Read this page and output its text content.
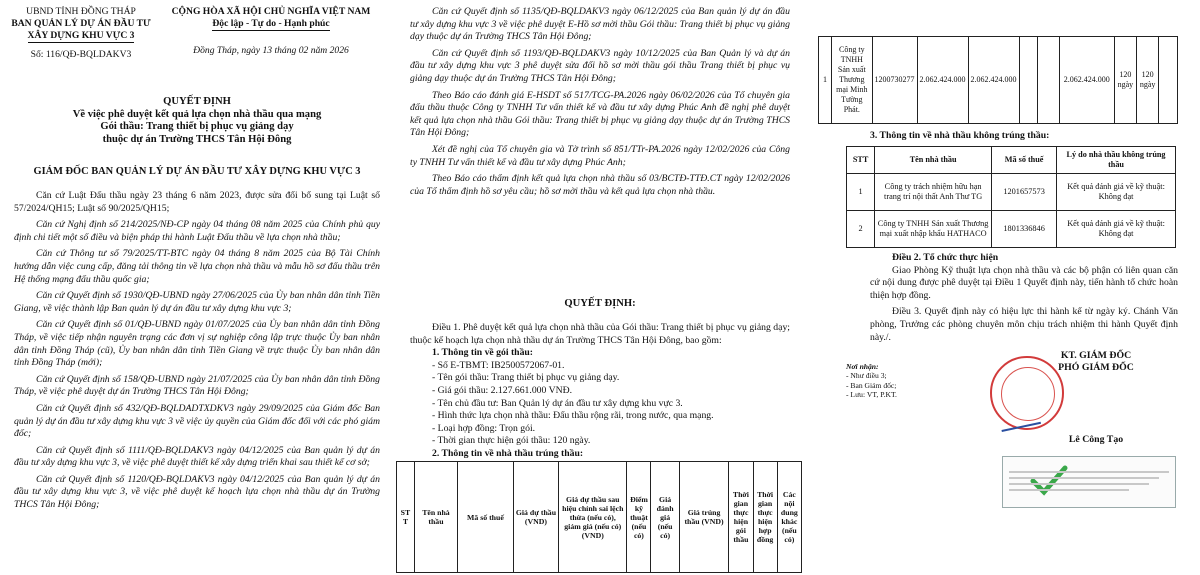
UBND TỈNH ĐỒNG THÁP
BAN QUẢN LÝ DỰ ÁN ĐẦU TƯ
XÂY DỰNG KHU VỰC 3
Số: 116/QĐ-BQLDAKV3
CỘNG HÒA XÃ HỘI CHỦ NGHĨA VIỆT NAM
Độc lập - Tự do - Hạnh phúc
Đồng Tháp, ngày 13 tháng 02 năm 2026
QUYẾT ĐỊNH
Về việc phê duyệt kết quả lựa chọn nhà thầu qua mạng
Gói thầu: Trang thiết bị phục vụ giảng dạy
thuộc dự án Trường THCS Tân Hội Đông
GIÁM ĐỐC BAN QUẢN LÝ DỰ ÁN ĐẦU TƯ XÂY DỰNG KHU VỰC 3

Căn cứ Luật Đấu thầu ngày 23 tháng 6 năm 2023, được sửa đổi bổ sung tại Luật số 57/2024/QH15; Luật số 90/2025/QH15;

Căn cứ Nghị định số 214/2025/NĐ-CP ngày 04 tháng 08 năm 2025 của Chính phủ quy định chi tiết một số điều và biện pháp thi hành Luật Đấu thầu về lựa chọn nhà thầu;

Căn cứ Thông tư số 79/2025/TT-BTC ngày 04 tháng 8 năm 2025 của Bộ Tài Chính hướng dẫn việc cung cấp, đăng tải thông tin về lựa chọn nhà thầu và mẫu hồ sơ đấu thầu trên Hệ thống mạng đấu thầu quốc gia;

Căn cứ Quyết định số 1930/QĐ-UBND ngày 27/06/2025 của Ủy ban nhân dân tỉnh Tiền Giang, về việc thành lập Ban quản lý dự án đầu tư xây dựng khu vực 3;

Căn cứ Quyết định số 01/QĐ-UBND ngày 01/07/2025 của Ủy ban nhân dân tỉnh Đồng Tháp, về việc tiếp nhận nguyên trạng các đơn vị sự nghiệp công lập trực thuộc Ủy ban nhân dân tỉnh Đồng Tháp (cũ), Ủy ban nhân dân tỉnh Tiền Giang về trực thuộc Ủy ban nhân dân tỉnh Đồng Tháp (mới);

Căn cứ Quyết định số 158/QĐ-UBND ngày 21/07/2025 của Ủy ban nhân dân tỉnh Đồng Tháp, về việc phê duyệt dự án Trường THCS Tân Hội Đông;

Căn cứ Quyết định số 432/QĐ-BQLDADTXDKV3 ngày 29/09/2025 của Giám đốc Ban quản lý dự án đầu tư xây dựng khu vực 3 về việc ủy quyền của Giám đốc đối với các phó giám đốc;

Căn cứ Quyết định số 1111/QĐ-BQLDAKV3 ngày 04/12/2025 của Ban quản lý dự án đầu tư xây dựng khu vực 3, về việc phê duyệt thiết kế xây dựng triển khai sau thiết kế cơ sở;

Căn cứ Quyết định số 1120/QĐ-BQLDAKV3 ngày 04/12/2025 của Ban quản lý dự án đầu tư xây dựng khu vực 3, về việc phê duyệt kế hoạch lựa chọn nhà thầu dự án Trường THCS Tân Hội Đông;

Căn cứ Quyết định số 1135/QĐ-BQLDAKV3 ngày 06/12/2025 của Ban quản lý dự án đầu tư xây dựng khu vực 3 về việc phê duyệt E-Hồ sơ mời thầu Gói thầu: Trang thiết bị phục vụ giảng dạy thuộc dự án Trường THCS Tân Hội Đông;

Căn cứ Quyết định số 1193/QĐ-BQLDAKV3 ngày 10/12/2025 của Ban Quản lý và dự án đầu tư xây dựng khu vực 3 phê duyệt sửa đổi hồ sơ mời thầu gói thầu Trang thiết bị phục vụ giảng dạy thuộc dự án Trường THCS Tân Hội Đông;

Theo Báo cáo đánh giá E-HSDT số 517/TCG-PA.2026 ngày 06/02/2026 của Tổ chuyên gia đấu thầu thuộc Công ty TNHH Tư vấn thiết kế và đầu tư xây dựng Phúc Anh đề nghị phê duyệt kết quả lựa chọn nhà thầu Gói thầu: Trang thiết bị phục vụ giảng dạy thuộc dự án Trường THCS Tân Hội Đông;

Xét đề nghị của Tổ chuyên gia và Tờ trình số 851/TTr-PA.2026 ngày 12/02/2026 của Công ty TNHH Tư vấn thiết kế và đầu tư xây dựng Phúc Anh;

Theo Báo cáo thẩm định kết quả lựa chọn nhà thầu số 03/BCTĐ-TTĐ.CT ngày 12/02/2026 của Tổ thẩm định hồ sơ yêu cầu; hồ sơ mời thầu và kết quả lựa chọn nhà thầu.

QUYẾT ĐỊNH:

Điều 1. Phê duyệt kết quả lựa chọn nhà thầu của Gói thầu: Trang thiết bị phục vụ giảng dạy; thuộc kế hoạch lựa chọn nhà thầu dự án Trường THCS Tân Hội Đông, bao gồm:

1. Thông tin về gói thầu:

- Số E-TBMT: IB2500572067-01.

- Tên gói thầu: Trang thiết bị phục vụ giảng dạy.

- Giá gói thầu: 2.127.661.000 VNĐ.

- Tên chủ đầu tư: Ban Quản lý dự án đầu tư xây dựng khu vực 3.

- Hình thức lựa chọn nhà thầu: Đấu thầu rộng rãi, trong nước, qua mạng.

- Loại hợp đồng: Trọn gói.

- Thời gian thực hiện gói thầu: 120 ngày.

2. Thông tin về nhà thầu trúng thầu:

ST T	Tên nhà thầu	Mã số thuế	Giá dự thầu (VND)	Giá dự thầu sau hiệu chỉnh sai lệch thừa (nếu có), giảm giá (nếu có) (VND)	Điểm kỹ thuật (nếu có)	Giá đánh giá (nếu có)	Giá trúng thầu (VND)	Thời gian thực hiện gói thầu	Thời gian thực hiện hợp đồng	Các nội dung khác (nếu có)
1	Công ty TNHH Sản xuất Thương mại Minh Tường Phát.	1200730277	2.062.424.000	2.062.424.000			2.062.424.000	120 ngày	120 ngày	
3. Thông tin về nhà thầu không trúng thầu:
STT	Tên nhà thầu	Mã số thuế	Lý do nhà thầu không trúng thầu
1	Công ty trách nhiệm hữu hạn trang trí nội thất Anh Thư TG	1201657573	Kết quả đánh giá về kỹ thuật: Không đạt
2	Công ty TNHH Sản xuất Thương mại xuất nhập khẩu HATHACO	1801336846	Kết quả đánh giá về kỹ thuật: Không đạt

Điều 2. Tổ chức thực hiện

Giao Phòng Kỹ thuật lựa chọn nhà thầu và các bộ phận có liên quan căn cứ nội dung được phê duyệt tại Điều 1 Quyết định này, tiến hành tổ chức hoàn thiện hợp đồng.

Điều 3. Quyết định này có hiệu lực thi hành kể từ ngày ký. Chánh Văn phòng, Trưởng các phòng chuyên môn chịu trách nhiệm thi hành Quyết định này./.

Nơi nhận:
- Như điều 3;
- Ban Giám đốc;
- Lưu: VT, P.KT.
KT. GIÁM ĐỐC
PHÓ GIÁM ĐỐC
Lê Công Tạo
